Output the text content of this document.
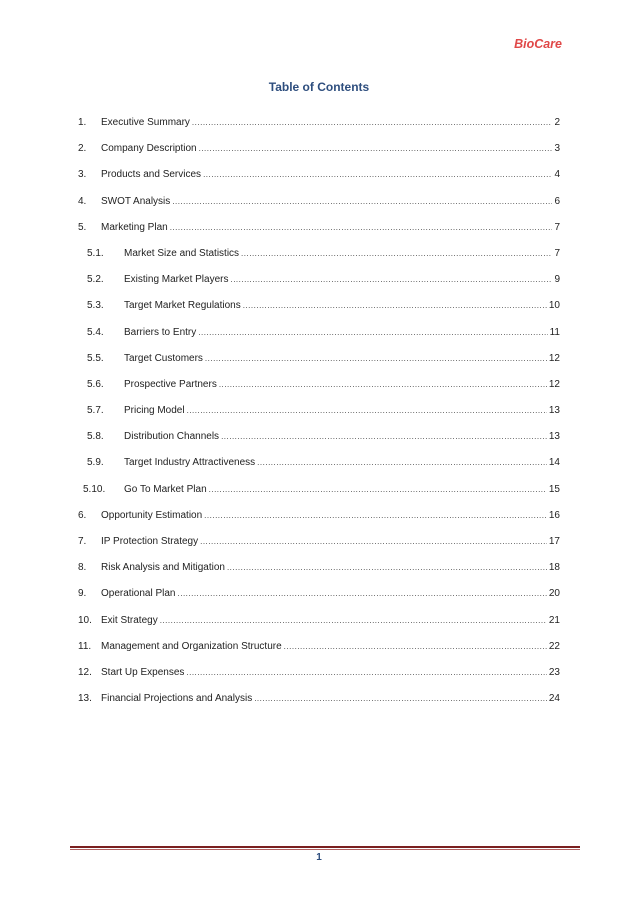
BioCare
Table of Contents
1.	Executive Summary .....	2
2.	Company Description .....	3
3.	Products and Services .....	4
4.	SWOT Analysis .....	6
5.	Marketing Plan .....	7
5.1.	Market Size and Statistics .....	7
5.2.	Existing Market Players .....	9
5.3.	Target Market Regulations .....	10
5.4.	Barriers to Entry .....	11
5.5.	Target Customers .....	12
5.6.	Prospective Partners .....	12
5.7.	Pricing Model .....	13
5.8.	Distribution Channels .....	13
5.9.	Target Industry Attractiveness .....	14
5.10.	Go To Market Plan .....	15
6.	Opportunity Estimation .....	16
7.	IP Protection Strategy .....	17
8.	Risk Analysis and Mitigation .....	18
9.	Operational Plan .....	20
10. Exit Strategy .....	21
11. Management and Organization Structure .....	22
12. Start Up Expenses .....	23
13. Financial Projections and Analysis .....	24
1
